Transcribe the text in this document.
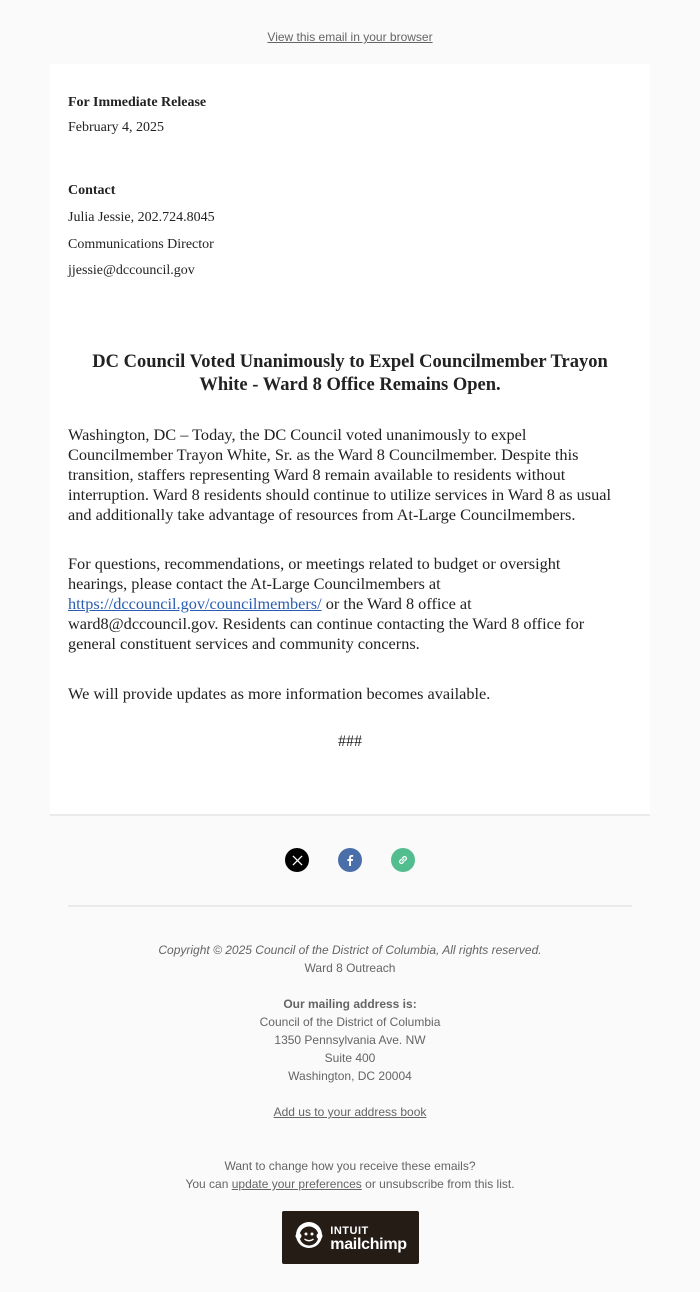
View this email in your browser
For Immediate Release
February 4, 2025
Contact
Julia Jessie, 202.724.8045
Communications Director
jjessie@dccouncil.gov
DC Council Voted Unanimously to Expel Councilmember Trayon
White - Ward 8 Office Remains Open.
Washington, DC – Today, the DC Council voted unanimously to expel
Councilmember Trayon White, Sr. as the Ward 8 Councilmember. Despite this
transition, staffers representing Ward 8 remain available to residents without
interruption. Ward 8 residents should continue to utilize services in Ward 8 as usual
and additionally take advantage of resources from At-Large Councilmembers.
For questions, recommendations, or meetings related to budget or oversight
hearings, please contact the At-Large Councilmembers at
https://dccouncil.gov/councilmembers/ or the Ward 8 office at
ward8@dccouncil.gov. Residents can continue contacting the Ward 8 office for
general constituent services and community concerns.
We will provide updates as more information becomes available.
###
Copyright © 2025 Council of the District of Columbia, All rights reserved.
Ward 8 Outreach
Our mailing address is:
Council of the District of Columbia
1350 Pennsylvania Ave. NW
Suite 400
Washington, DC 20004
Add us to your address book
Want to change how you receive these emails?
You can update your preferences or unsubscribe from this list.
INTUIT
mailchimp
